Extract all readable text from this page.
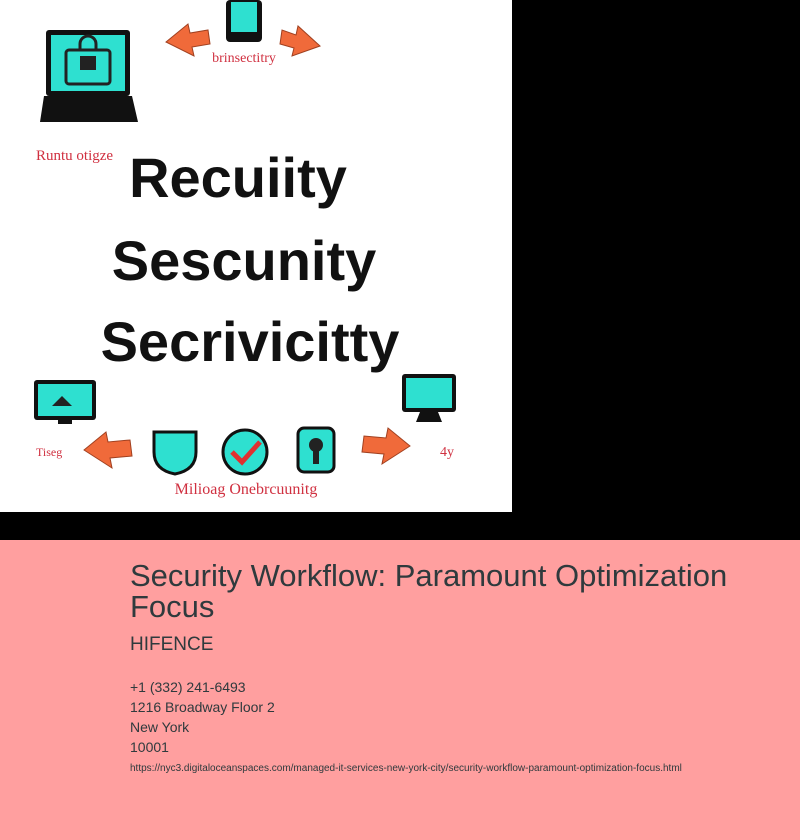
brinsectitry
Runtu otigze Recuiity
Sescunity
Secrivicitty
Tiseg	4y
Milioag Onebrcuunitg
Security Workflow: Paramount Optimization Focus
HIFENCE
+1 (332) 241-6493
1216 Broadway Floor 2
New York
10001
https://nyc3.digitaloceanspaces.com/managed-it-services-new-york-city/security-workflow-paramount-optimization-focus.html
